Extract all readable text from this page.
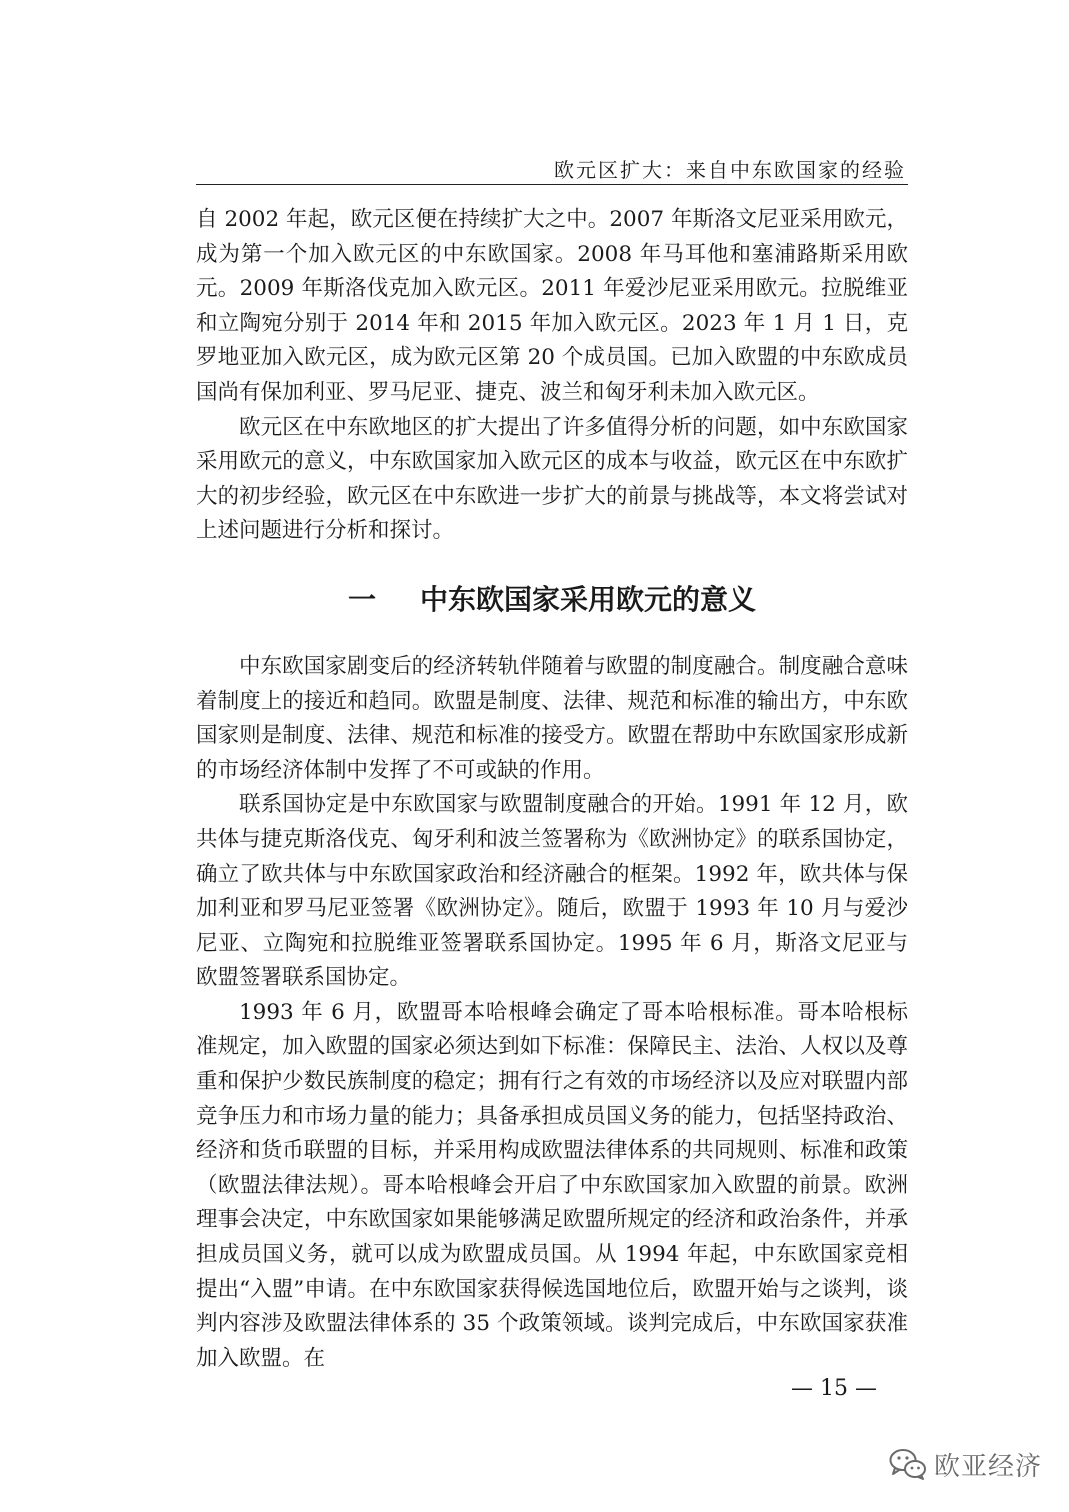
欧元区扩大：来自中东欧国家的经验

自 2002 年起，欧元区便在持续扩大之中。2007 年斯洛文尼亚采用欧元，成为第一个加入欧元区的中东欧国家。2008 年马耳他和塞浦路斯采用欧元。2009 年斯洛伐克加入欧元区。2011 年爱沙尼亚采用欧元。拉脱维亚和立陶宛分别于 2014 年和 2015 年加入欧元区。2023 年 1 月 1 日，克罗地亚加入欧元区，成为欧元区第 20 个成员国。已加入欧盟的中东欧成员国尚有保加利亚、罗马尼亚、捷克、波兰和匈牙利未加入欧元区。

欧元区在中东欧地区的扩大提出了许多值得分析的问题，如中东欧国家采用欧元的意义，中东欧国家加入欧元区的成本与收益，欧元区在中东欧扩大的初步经验，欧元区在中东欧进一步扩大的前景与挑战等，本文将尝试对上述问题进行分析和探讨。

一 中东欧国家采用欧元的意义

中东欧国家剧变后的经济转轨伴随着与欧盟的制度融合。制度融合意味着制度上的接近和趋同。欧盟是制度、法律、规范和标准的输出方，中东欧国家则是制度、法律、规范和标准的接受方。欧盟在帮助中东欧国家形成新的市场经济体制中发挥了不可或缺的作用。

联系国协定是中东欧国家与欧盟制度融合的开始。1991 年 12 月，欧共体与捷克斯洛伐克、匈牙利和波兰签署称为《欧洲协定》的联系国协定，确立了欧共体与中东欧国家政治和经济融合的框架。1992 年，欧共体与保加利亚和罗马尼亚签署《欧洲协定》。随后，欧盟于 1993 年 10 月与爱沙尼亚、立陶宛和拉脱维亚签署联系国协定。1995 年 6 月，斯洛文尼亚与欧盟签署联系国协定。

1993 年 6 月，欧盟哥本哈根峰会确定了哥本哈根标准。哥本哈根标准规定，加入欧盟的国家必须达到如下标准：保障民主、法治、人权以及尊重和保护少数民族制度的稳定；拥有行之有效的市场经济以及应对联盟内部竞争压力和市场力量的能力；具备承担成员国义务的能力，包括坚持政治、经济和货币联盟的目标，并采用构成欧盟法律体系的共同规则、标准和政策（欧盟法律法规）。哥本哈根峰会开启了中东欧国家加入欧盟的前景。欧洲理事会决定，中东欧国家如果能够满足欧盟所规定的经济和政治条件，并承担成员国义务，就可以成为欧盟成员国。从 1994 年起，中东欧国家竞相提出“入盟”申请。在中东欧国家获得候选国地位后，欧盟开始与之谈判，谈判内容涉及欧盟法律体系的 35 个政策领域。谈判完成后，中东欧国家获准加入欧盟。在

— 15 —
欧亚经济
